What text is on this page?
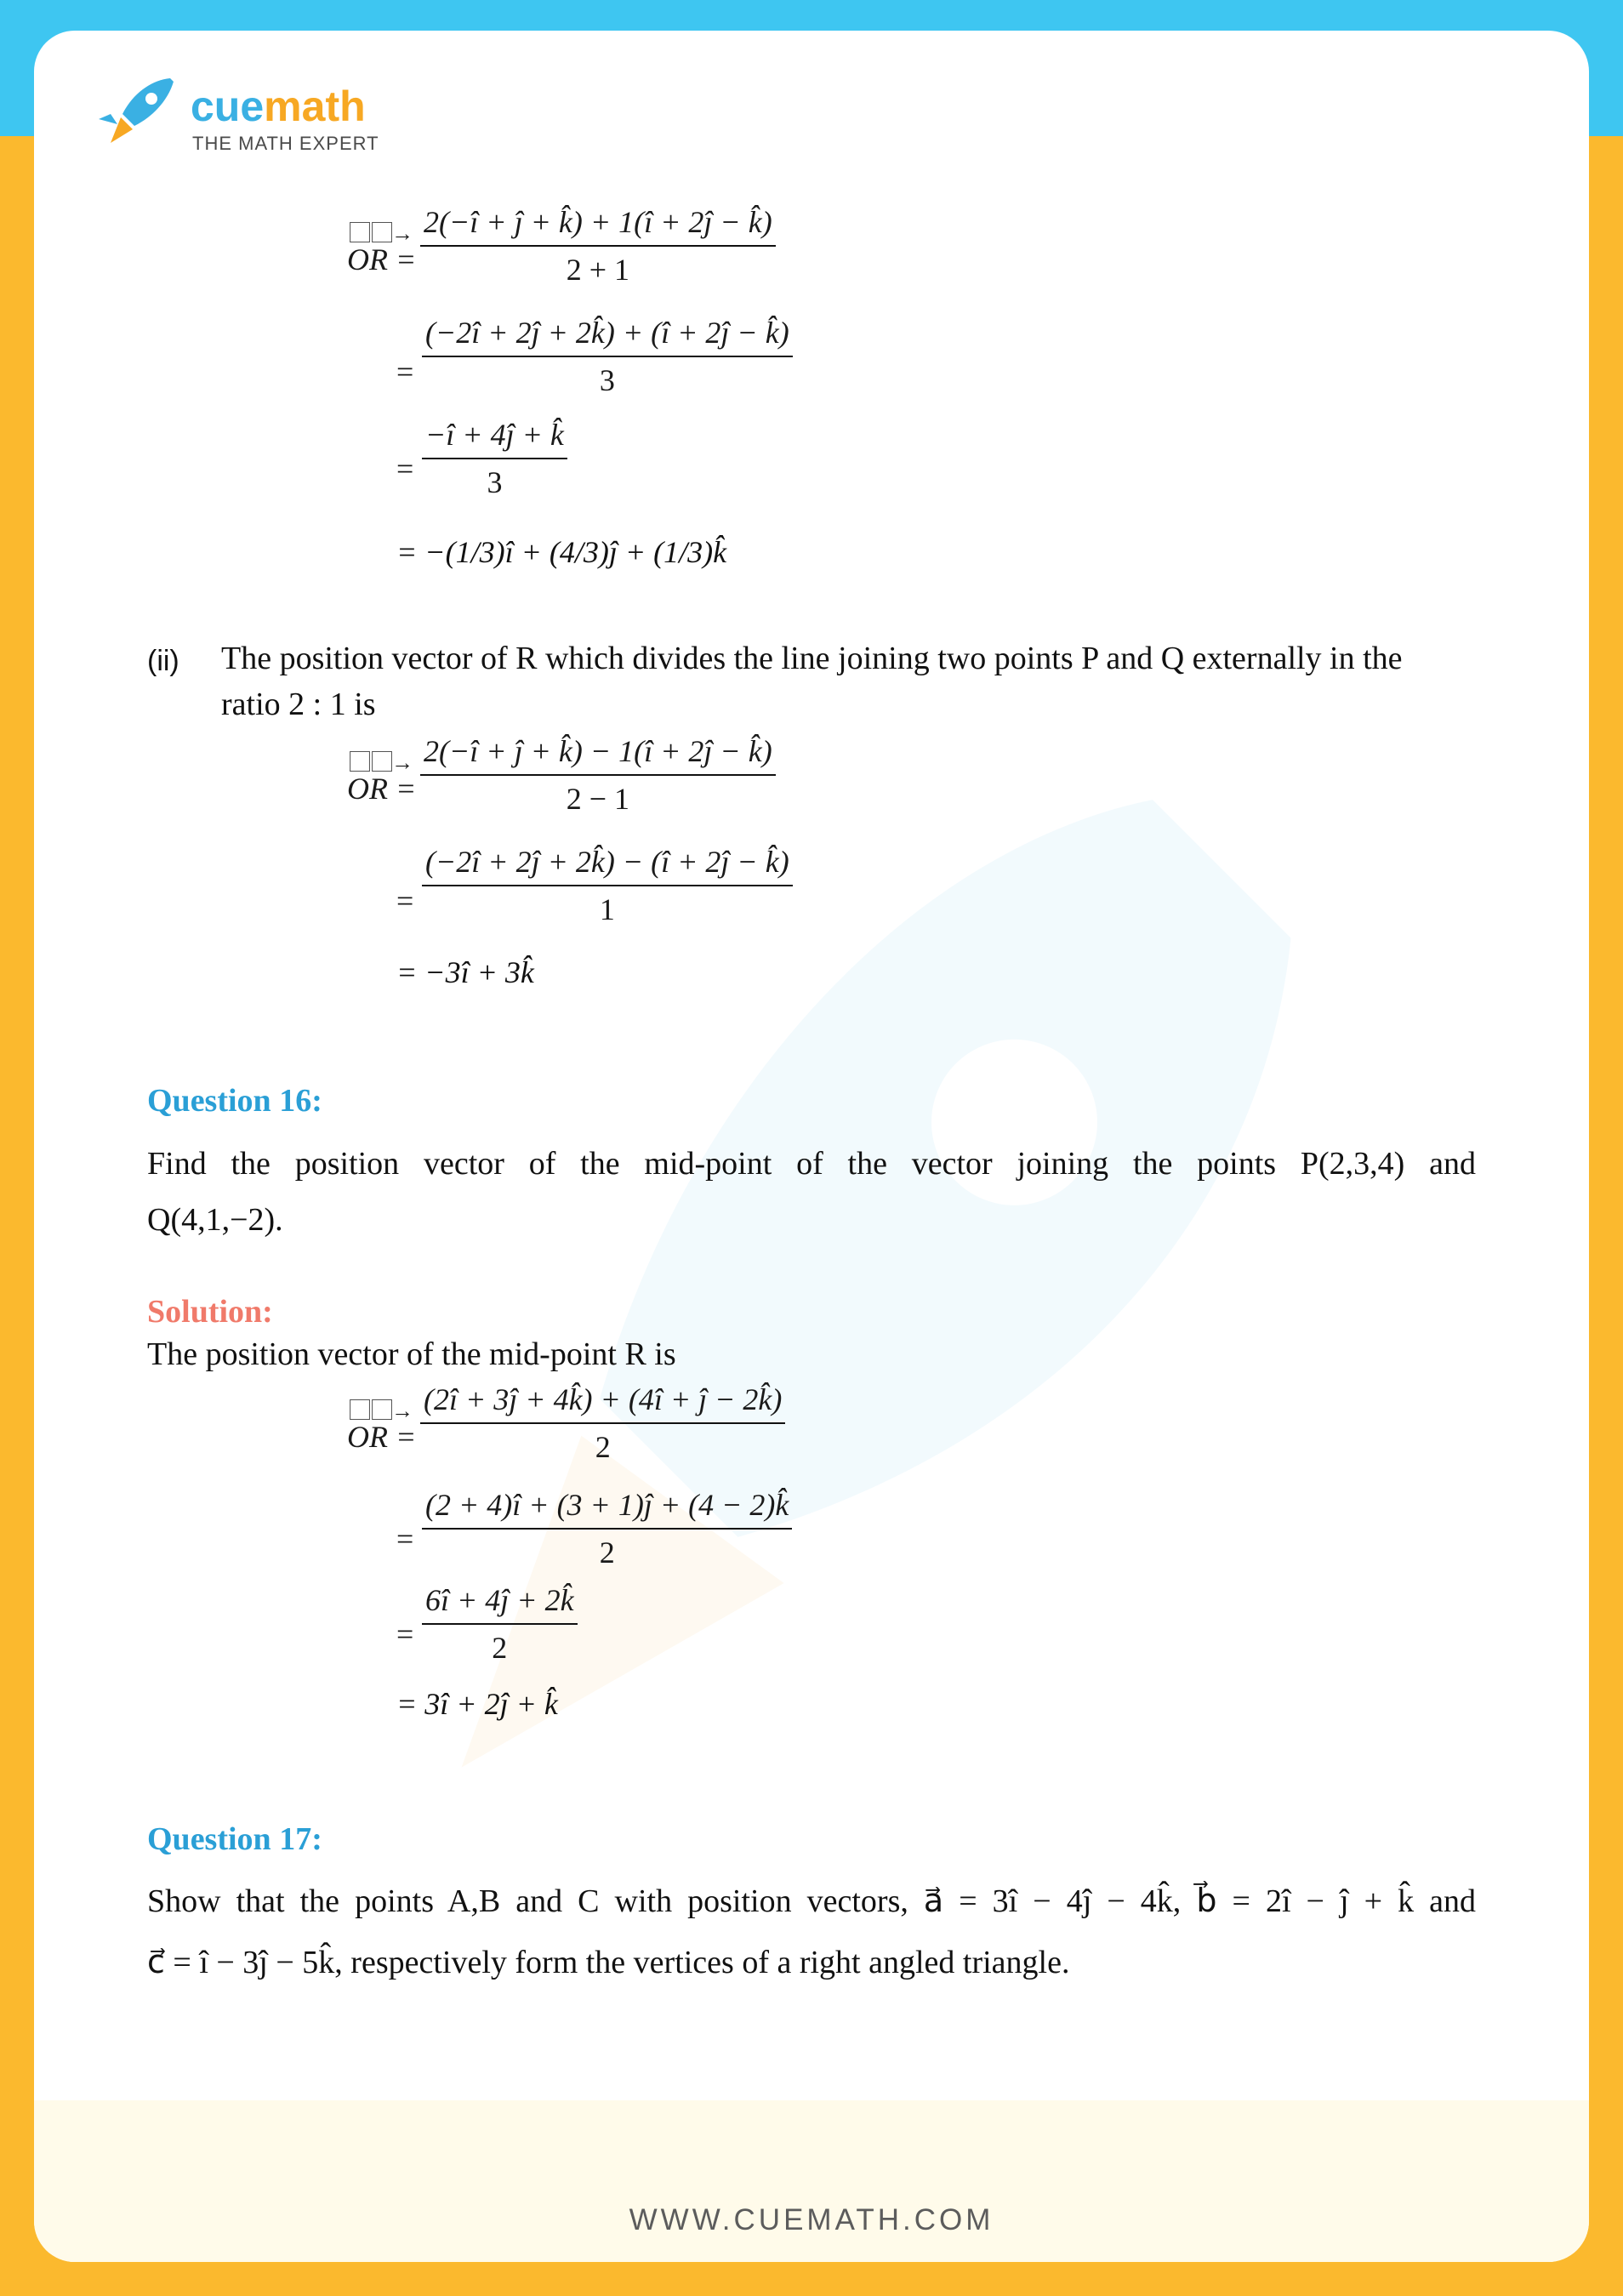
cuemath
THE MATH EXPERT
⃞⃞→
OR =
2(−î + ĵ + k̂) + 1(î + 2ĵ − k̂)
2 + 1
=
(−2î + 2ĵ + 2k̂) + (î + 2ĵ − k̂)
3
=
−î + 4ĵ + k̂
3
= −(1/3)î + (4/3)ĵ + (1/3)k̂
(ii) The position vector of R which divides the line joining two points P and Q externally in the
ratio 2 : 1 is
⃞⃞→
OR =
2(−î + ĵ + k̂) − 1(î + 2ĵ − k̂)
2 − 1
=
(−2î + 2ĵ + 2k̂) − (î + 2ĵ − k̂)
1
= −3î + 3k̂
Question 16:
Find the position vector of the mid-point of the vector joining the points P(2,3,4) and
Q(4,1,−2).
Solution:
The position vector of the mid-point R is
⃞⃞→
OR =
(2î + 3ĵ + 4k̂) + (4î + ĵ − 2k̂)
2
=
(2 + 4)î + (3 + 1)ĵ + (4 − 2)k̂
2
=
6î + 4ĵ + 2k̂
2
= 3î + 2ĵ + k̂
Question 17:
Show that the points A,B and C with position vectors, a⃗ = 3î − 4ĵ − 4k̂, b⃗ = 2î − ĵ + k̂ and
c⃗ = î − 3ĵ − 5k̂, respectively form the vertices of a right angled triangle.
WWW.CUEMATH.COM
